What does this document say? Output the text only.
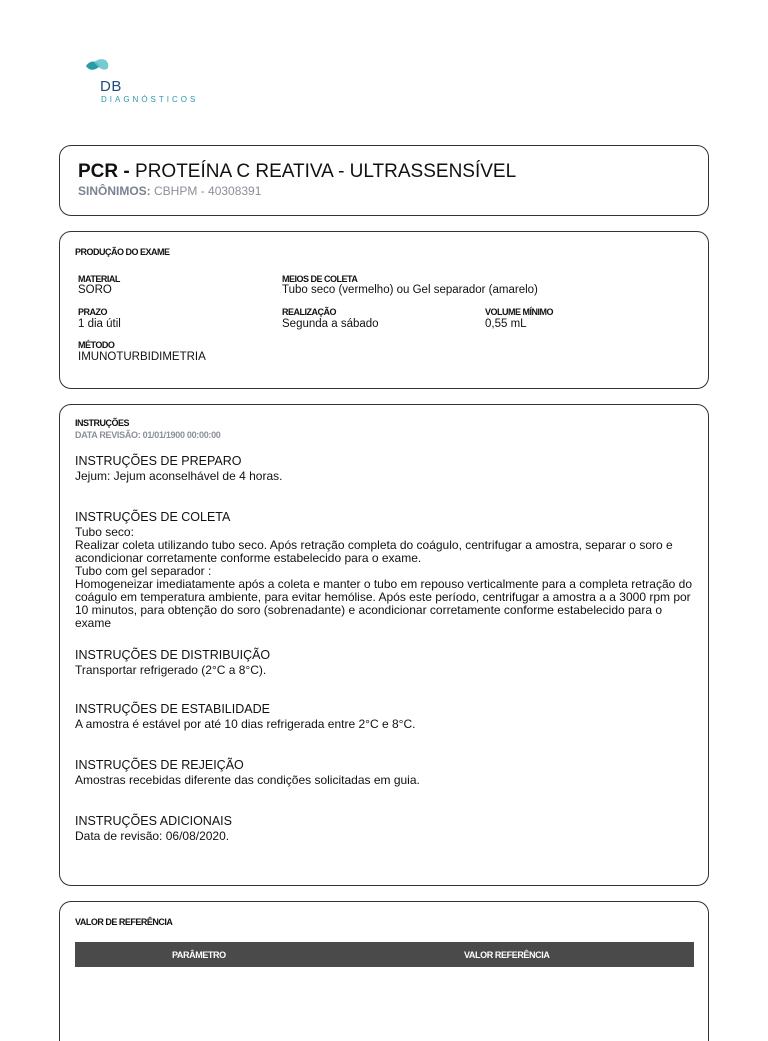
DB
DIAGNÓSTICOS
PCR - PROTEÍNA C REATIVA - ULTRASSENSÍVEL
SINÔNIMOS: CBHPM - 40308391
PRODUÇÃO DO EXAME
MATERIAL
SORO
MEIOS DE COLETA
Tubo seco (vermelho) ou Gel separador (amarelo)
PRAZO
1 dia útil
REALIZAÇÃO
Segunda a sábado
VOLUME MÍNIMO
0,55 mL
MÉTODO
IMUNOTURBIDIMETRIA
INSTRUÇÕES
DATA REVISÃO: 01/01/1900 00:00:00
INSTRUÇÕES DE PREPARO

Jejum: Jejum aconselhável de 4 horas.

INSTRUÇÕES DE COLETA

Tubo seco:

Realizar coleta utilizando tubo seco. Após retração completa do coágulo, centrifugar a amostra, separar o soro e acondicionar corretamente conforme estabelecido para o exame.

Tubo com gel separador :

Homogeneizar imediatamente após a coleta e manter o tubo em repouso verticalmente para a completa retração do coágulo em temperatura ambiente, para evitar hemólise. Após este período, centrifugar a amostra a a 3000 rpm por 10 minutos, para obtenção do soro (sobrenadante) e acondicionar corretamente conforme estabelecido para o exame

INSTRUÇÕES DE DISTRIBUIÇÃO

Transportar refrigerado (2°C a 8°C).

INSTRUÇÕES DE ESTABILIDADE

A amostra é estável por até 10 dias refrigerada entre 2°C e 8°C.

INSTRUÇÕES DE REJEIÇÃO

Amostras recebidas diferente das condições solicitadas em guia.

INSTRUÇÕES ADICIONAIS

Data de revisão: 06/08/2020.

VALOR DE REFERÊNCIA
PARÂMETRO	VALOR REFERÊNCIA
